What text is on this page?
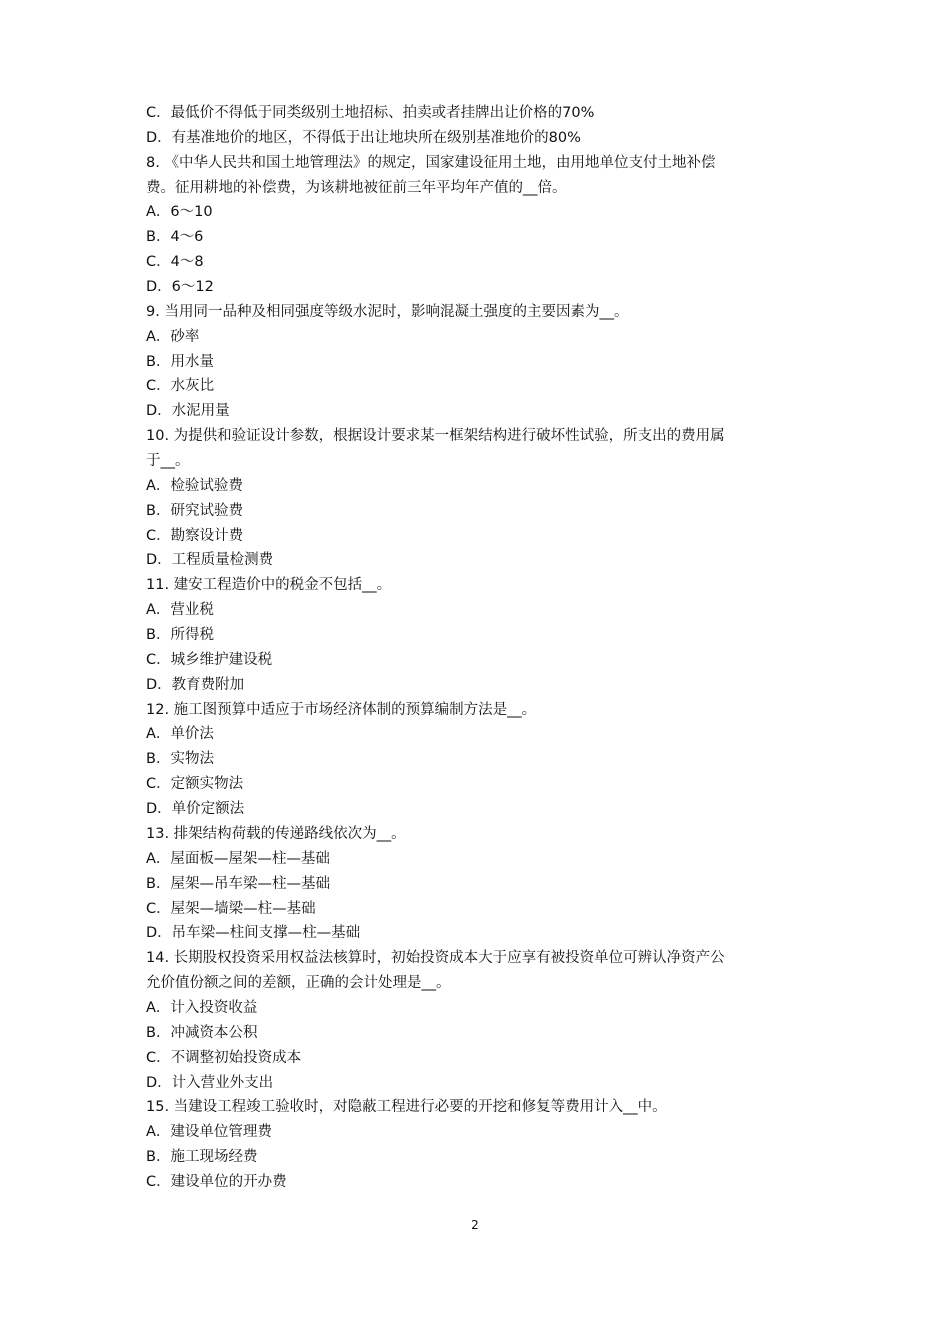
C．最低价不得低于同类级别土地招标、拍卖或者挂牌出让价格的70%
D．有基准地价的地区，不得低于出让地块所在级别基准地价的80%
8. 《中华人民共和国土地管理法》的规定，国家建设征用土地，由用地单位支付土地补偿
费。征用耕地的补偿费，为该耕地被征前三年平均年产值的__倍。
A．6～10
B．4～6
C．4～8
D．6～12
9. 当用同一品种及相同强度等级水泥时，影响混凝土强度的主要因素为__。
A．砂率
B．用水量
C．水灰比
D．水泥用量
10. 为提供和验证设计参数，根据设计要求某一框架结构进行破坏性试验，所支出的费用属
于__。
A．检验试验费
B．研究试验费
C．勘察设计费
D．工程质量检测费
11. 建安工程造价中的税金不包括__。
A．营业税
B．所得税
C．城乡维护建设税
D．教育费附加
12. 施工图预算中适应于市场经济体制的预算编制方法是__。
A．单价法
B．实物法
C．定额实物法
D．单价定额法
13. 排架结构荷载的传递路线依次为__。
A．屋面板—屋架—柱—基础
B．屋架—吊车梁—柱—基础
C．屋架—墙梁—柱—基础
D．吊车梁—柱间支撑—柱—基础
14. 长期股权投资采用权益法核算时，初始投资成本大于应享有被投资单位可辨认净资产公
允价值份额之间的差额，正确的会计处理是__。
A．计入投资收益
B．冲减资本公积
C．不调整初始投资成本
D．计入营业外支出
15. 当建设工程竣工验收时，对隐蔽工程进行必要的开挖和修复等费用计入__中。
A．建设单位管理费
B．施工现场经费
C．建设单位的开办费
2
